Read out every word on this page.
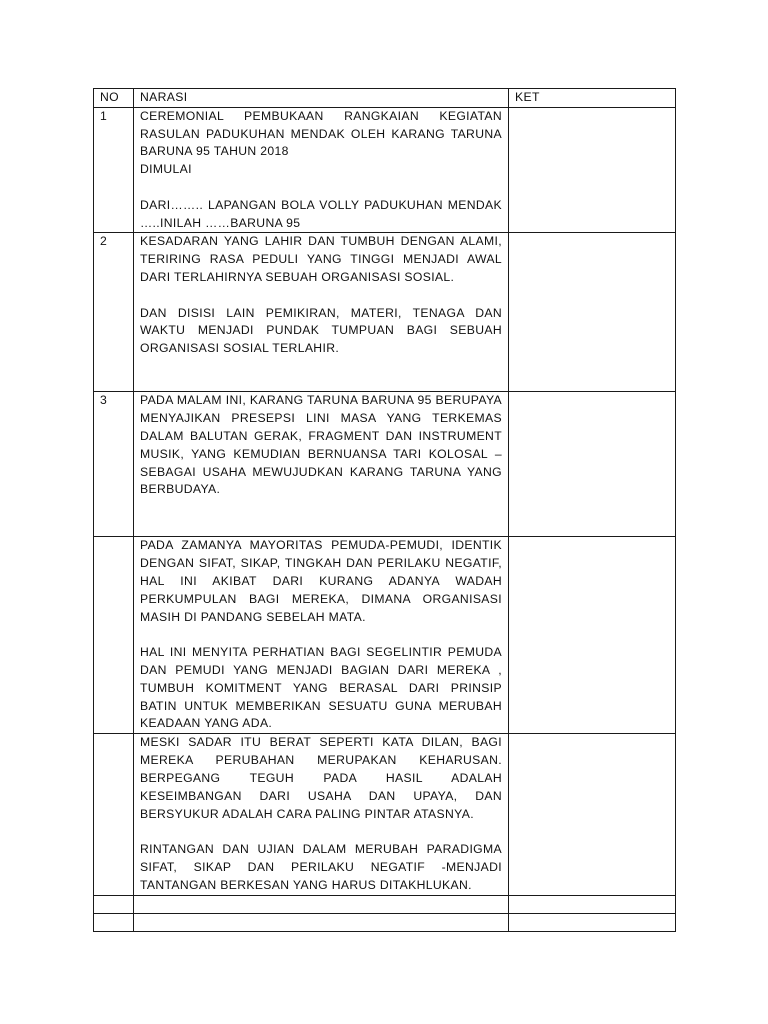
NO	NARASI	KET
1	CEREMONIAL PEMBUKAAN RANGKAIAN KEGIATAN RASULAN PADUKUHAN MENDAK OLEH KARANG TARUNA BARUNA 95 TAHUN 2018
DIMULAI
DARI…….. LAPANGAN BOLA VOLLY PADUKUHAN MENDAK …..INILAH ……BARUNA 95	

2	KESADARAN YANG LAHIR DAN TUMBUH DENGAN ALAMI, TERIRING RASA PEDULI YANG TINGGI MENJADI AWAL DARI TERLAHIRNYA SEBUAH ORGANISASI SOSIAL.
DAN DISISI LAIN PEMIKIRAN, MATERI, TENAGA DAN WAKTU MENJADI PUNDAK TUMPUAN BAGI SEBUAH ORGANISASI SOSIAL TERLAHIR.	

3	PADA MALAM INI, KARANG TARUNA BARUNA 95 BERUPAYA MENYAJIKAN PRESEPSI LINI MASA YANG TERKEMAS DALAM BALUTAN GERAK, FRAGMENT DAN INSTRUMENT MUSIK, YANG KEMUDIAN BERNUANSA TARI KOLOSAL – SEBAGAI USAHA MEWUJUDKAN KARANG TARUNA YANG BERBUDAYA.	

	PADA ZAMANYA MAYORITAS PEMUDA-PEMUDI, IDENTIK DENGAN SIFAT, SIKAP, TINGKAH DAN PERILAKU NEGATIF, HAL INI AKIBAT DARI KURANG ADANYA WADAH PERKUMPULAN BAGI MEREKA, DIMANA ORGANISASI MASIH DI PANDANG SEBELAH MATA.
HAL INI MENYITA PERHATIAN BAGI SEGELINTIR PEMUDA DAN PEMUDI YANG MENJADI BAGIAN DARI MEREKA , TUMBUH KOMITMENT YANG BERASAL DARI PRINSIP BATIN UNTUK MEMBERIKAN SESUATU GUNA MERUBAH KEADAAN YANG ADA.	

	MESKI SADAR ITU BERAT SEPERTI KATA DILAN, BAGI MEREKA PERUBAHAN MERUPAKAN KEHARUSAN. BERPEGANG TEGUH PADA HASIL ADALAH KESEIMBANGAN DARI USAHA DAN UPAYA, DAN BERSYUKUR ADALAH CARA PALING PINTAR ATASNYA.
RINTANGAN DAN UJIAN DALAM MERUBAH PARADIGMA SIFAT, SIKAP DAN PERILAKU NEGATIF -MENJADI TANTANGAN BERKESAN YANG HARUS DITAKHLUKAN.	
